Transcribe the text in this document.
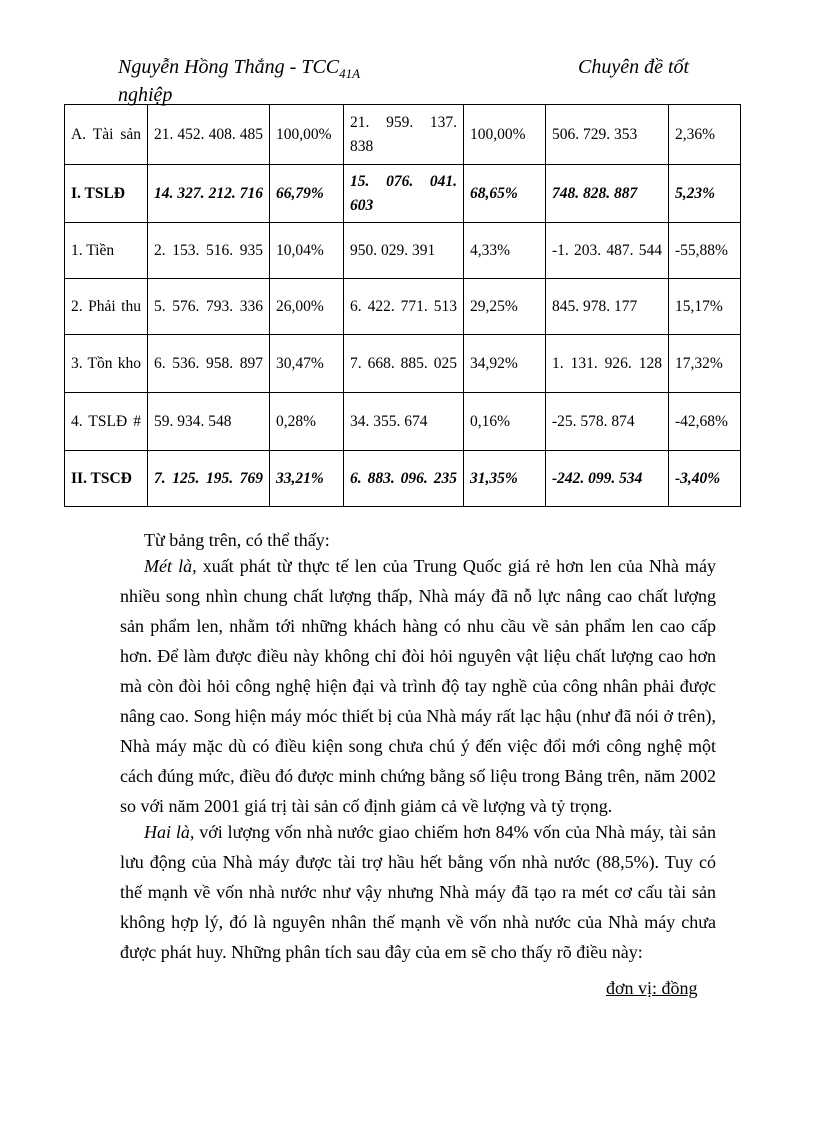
Nguyễn Hồng Thắng - $TCC_{41A}$	Chuyên đề tốt
nghiệp
A. Tài sản	21. 452. 408. 485	100,00%	21. 959. 137. 838	100,00%	506. 729. 353	2,36%
I. TSLĐ	14. 327. 212. 716	66,79%	15. 076. 041. 603	68,65%	748. 828. 887	5,23%
1. Tiền	2. 153. 516. 935	10,04%	950. 029. 391	4,33%	-1. 203. 487. 544	-55,88%
2. Phải thu	5. 576. 793. 336	26,00%	6. 422. 771. 513	29,25%	845. 978. 177	15,17%
3. Tồn kho	6. 536. 958. 897	30,47%	7. 668. 885. 025	34,92%	1. 131. 926. 128	17,32%
4. TSLĐ #	59. 934. 548	0,28%	34. 355. 674	0,16%	-25. 578. 874	-42,68%
II. TSCĐ	7. 125. 195. 769	33,21%	6. 883. 096. 235	31,35%	-242. 099. 534	-3,40%
Từ bảng trên, có thể thấy:
Mét là, xuất phát từ thực tế len của Trung Quốc giá rẻ hơn len của Nhà máy nhiều song nhìn chung chất lượng thấp, Nhà máy đã nỗ lực nâng cao chất lượng sản phẩm len, nhằm tới những khách hàng có nhu cầu về sản phẩm len cao cấp hơn. Để làm được điều này không chỉ đòi hỏi nguyên vật liệu chất lượng cao hơn mà còn đòi hỏi công nghệ hiện đại và trình độ tay nghề của công nhân phải được nâng cao. Song hiện máy móc thiết bị của Nhà máy rất lạc hậu (như đã nói ở trên), Nhà máy mặc dù có điều kiện song chưa chú ý đến việc đổi mới công nghệ một cách đúng mức, điều đó được minh chứng bằng số liệu trong Bảng trên, năm 2002 so với năm 2001 giá trị tài sản cố định giảm cả về lượng và tỷ trọng.
Hai là, với lượng vốn nhà nước giao chiếm hơn 84% vốn của Nhà máy, tài sản lưu động của Nhà máy được tài trợ hầu hết bằng vốn nhà nước (88,5%). Tuy có thế mạnh về vốn nhà nước như vậy nhưng Nhà máy đã tạo ra mét cơ cấu tài sản không hợp lý, đó là nguyên nhân thế mạnh về vốn nhà nước của Nhà máy chưa được phát huy. Những phân tích sau đây của em sẽ cho thấy rõ điều này:
đơn vị: đồng
